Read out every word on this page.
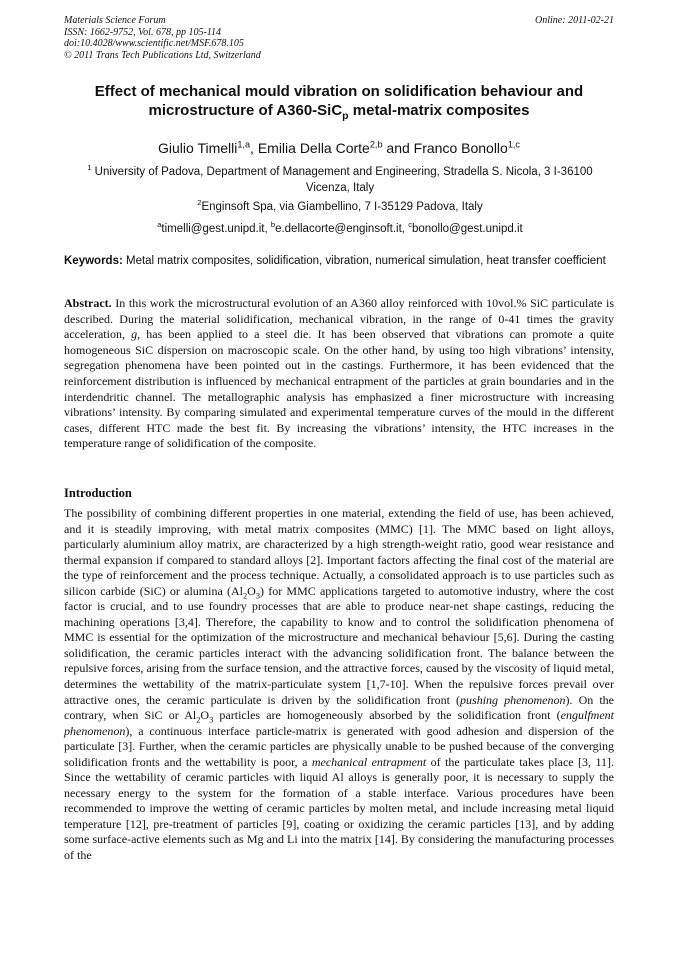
Materials Science Forum
ISSN: 1662-9752, Vol. 678, pp 105-114
doi:10.4028/www.scientific.net/MSF.678.105
© 2011 Trans Tech Publications Ltd, Switzerland
Online: 2011-02-21
Effect of mechanical mould vibration on solidification behaviour and
microstructure of A360-SiC$_p$ metal-matrix composites
Giulio Timelli$^{1,a}$, Emilia Della Corte$^{2,b}$ and Franco Bonollo$^{1,c}$
$^1$ University of Padova, Department of Management and Engineering, Stradella S. Nicola, 3 I-36100 Vicenza, Italy
$^2$Enginsoft Spa, via Giambellino, 7 I-35129 Padova, Italy
$^a$timelli@gest.unipd.it, $^b$e.dellacorte@enginsoft.it, $^c$bonollo@gest.unipd.it
Keywords: Metal matrix composites, solidification, vibration, numerical simulation, heat transfer coefficient

Abstract. In this work the microstructural evolution of an A360 alloy reinforced with 10vol.% SiC particulate is described. During the material solidification, mechanical vibration, in the range of 0-41 times the gravity acceleration, g, has been applied to a steel die. It has been observed that vibrations can promote a quite homogeneous SiC dispersion on macroscopic scale. On the other hand, by using too high vibrations’ intensity, segregation phenomena have been pointed out in the castings. Furthermore, it has been evidenced that the reinforcement distribution is influenced by mechanical entrapment of the particles at grain boundaries and in the interdendritic channel. The metallographic analysis has emphasized a finer microstructure with increasing vibrations’ intensity. By comparing simulated and experimental temperature curves of the mould in the different cases, different HTC made the best fit. By increasing the vibrations’ intensity, the HTC increases in the temperature range of solidification of the composite.

Introduction

The possibility of combining different properties in one material, extending the field of use, has been achieved, and it is steadily improving, with metal matrix composites (MMC) [1]. The MMC based on light alloys, particularly aluminium alloy matrix, are characterized by a high strength-weight ratio, good wear resistance and thermal expansion if compared to standard alloys [2]. Important factors affecting the final cost of the material are the type of reinforcement and the process technique. Actually, a consolidated approach is to use particles such as silicon carbide (SiC) or alumina $(Al_2O_3)$ for MMC applications targeted to automotive industry, where the cost factor is crucial, and to use foundry processes that are able to produce near-net shape castings, reducing the machining operations [3,4]. Therefore, the capability to know and to control the solidification phenomena of MMC is essential for the optimization of the microstructure and mechanical behaviour [5,6]. During the casting solidification, the ceramic particles interact with the advancing solidification front. The balance between the repulsive forces, arising from the surface tension, and the attractive forces, caused by the viscosity of liquid metal, determines the wettability of the matrix-particulate system [1,7-10]. When the repulsive forces prevail over attractive ones, the ceramic particulate is driven by the solidification front (pushing phenomenon). On the contrary, when SiC or $Al_2O_3$ particles are homogeneously absorbed by the solidification front (engulfment phenomenon), a continuous interface particle-matrix is generated with good adhesion and dispersion of the particulate [3]. Further, when the ceramic particles are physically unable to be pushed because of the converging solidification fronts and the wettability is poor, a mechanical entrapment of the particulate takes place [3, 11]. Since the wettability of ceramic particles with liquid Al alloys is generally poor, it is necessary to supply the necessary energy to the system for the formation of a stable interface. Various procedures have been recommended to improve the wetting of ceramic particles by molten metal, and include increasing metal liquid temperature [12], pre-treatment of particles [9], coating or oxidizing the ceramic particles [13], and by adding some surface-active elements such as Mg and Li into the matrix [14]. By considering the manufacturing processes of the
